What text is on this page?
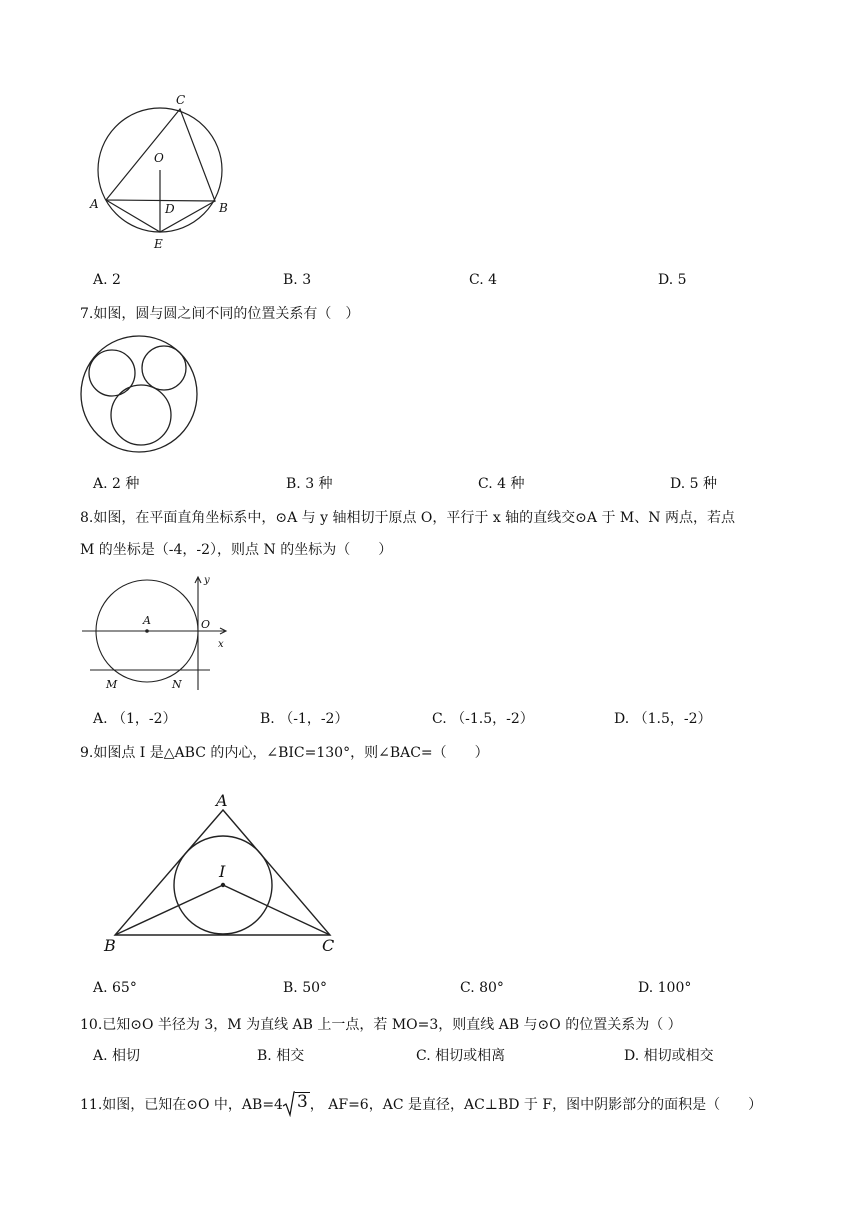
C
O
A	D	B
E
A. 2	B. 3	C. 4	D. 5
7.如图，圆与圆之间不同的位置关系有（　）
A. 2 种	B. 3 种	C. 4 种	D. 5 种
8.如图，在平面直角坐标系中，⊙A 与 y 轴相切于原点 O，平行于 x 轴的直线交⊙A 于 M、N 两点，若点
M 的坐标是（-4，-2），则点 N 的坐标为（　　）
y
A	O
x
M	N
A. （1，-2）	B. （-1，-2）	C. （-1.5，-2）	D. （1.5，-2）
9.如图点 I 是△ABC 的内心，∠BIC=130°，则∠BAC=（　　）
A
I
B	C
A. 65°	B. 50°	C. 80°	D. 100°
10.已知⊙O 半径为 3，M 为直线 AB 上一点，若 MO=3，则直线 AB 与⊙O 的位置关系为（ ）
A. 相切	B. 相交	C. 相切或相离	D. 相切或相交
11.如图，已知在⊙O 中，AB=4 3 ， AF=6，AC 是直径，AC⊥BD 于 F，图中阴影部分的面积是（　　）
